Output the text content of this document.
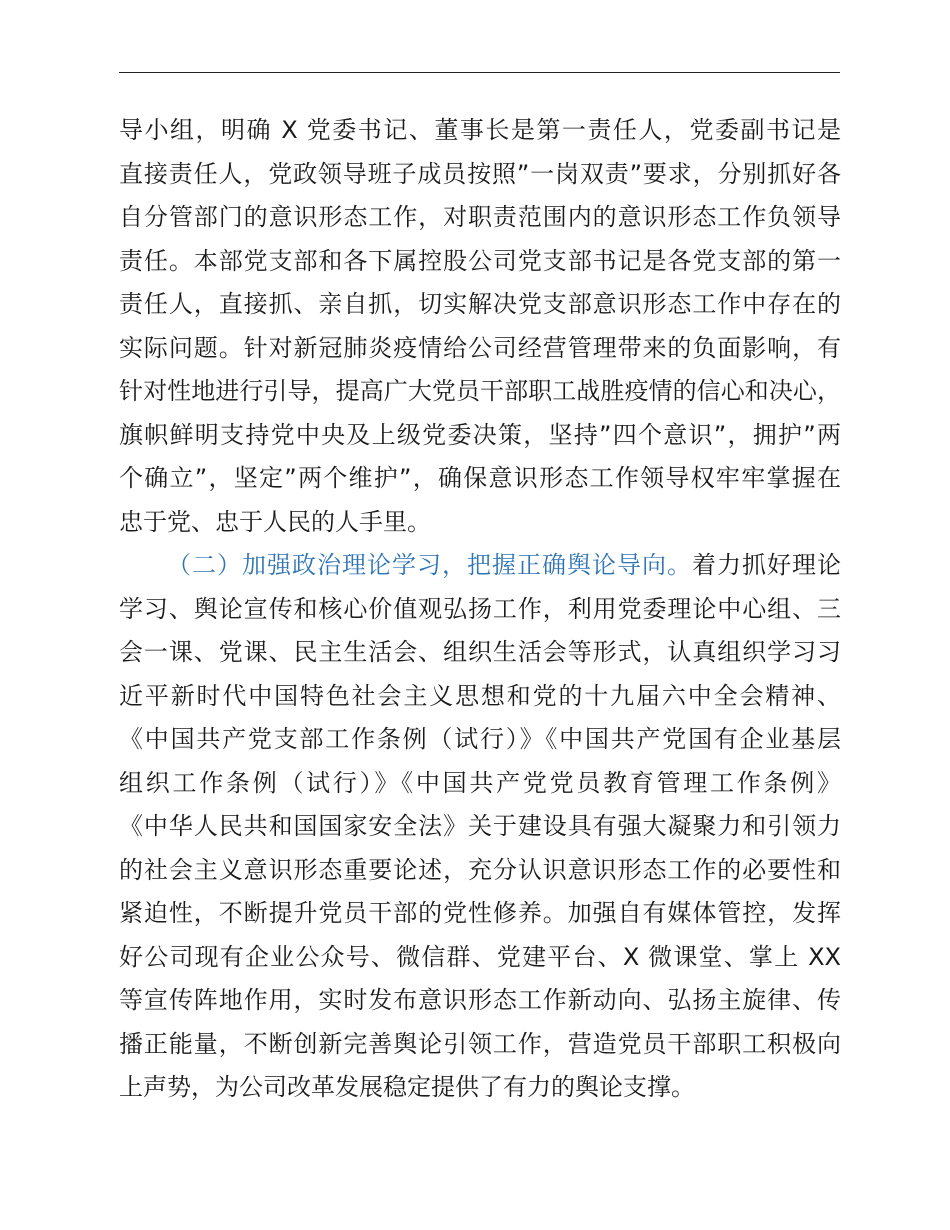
导小组，明确 X 党委书记、董事长是第一责任人，党委副书记是
直接责任人，党政领导班子成员按照”一岗双责”要求，分别抓好各
自分管部门的意识形态工作，对职责范围内的意识形态工作负领导
责任。本部党支部和各下属控股公司党支部书记是各党支部的第一
责任人，直接抓、亲自抓，切实解决党支部意识形态工作中存在的
实际问题。针对新冠肺炎疫情给公司经营管理带来的负面影响，有
针对性地进行引导，提高广大党员干部职工战胜疫情的信心和决心，
旗帜鲜明支持党中央及上级党委决策，坚持”四个意识”，拥护”两
个确立”，坚定”两个维护”，确保意识形态工作领导权牢牢掌握在
忠于党、忠于人民的人手里。
（二）加强政治理论学习，把握正确舆论导向。着力抓好理论
学习、舆论宣传和核心价值观弘扬工作，利用党委理论中心组、三
会一课、党课、民主生活会、组织生活会等形式，认真组织学习习
近平新时代中国特色社会主义思想和党的十九届六中全会精神、
《中国共产党支部工作条例（试行）》《中国共产党国有企业基层
组织工作条例（试行）》《中国共产党党员教育管理工作条例》
《中华人民共和国国家安全法》关于建设具有强大凝聚力和引领力
的社会主义意识形态重要论述，充分认识意识形态工作的必要性和
紧迫性，不断提升党员干部的党性修养。加强自有媒体管控，发挥
好公司现有企业公众号、微信群、党建平台、X 微课堂、掌上 XX
等宣传阵地作用，实时发布意识形态工作新动向、弘扬主旋律、传
播正能量，不断创新完善舆论引领工作，营造党员干部职工积极向
上声势，为公司改革发展稳定提供了有力的舆论支撑。
